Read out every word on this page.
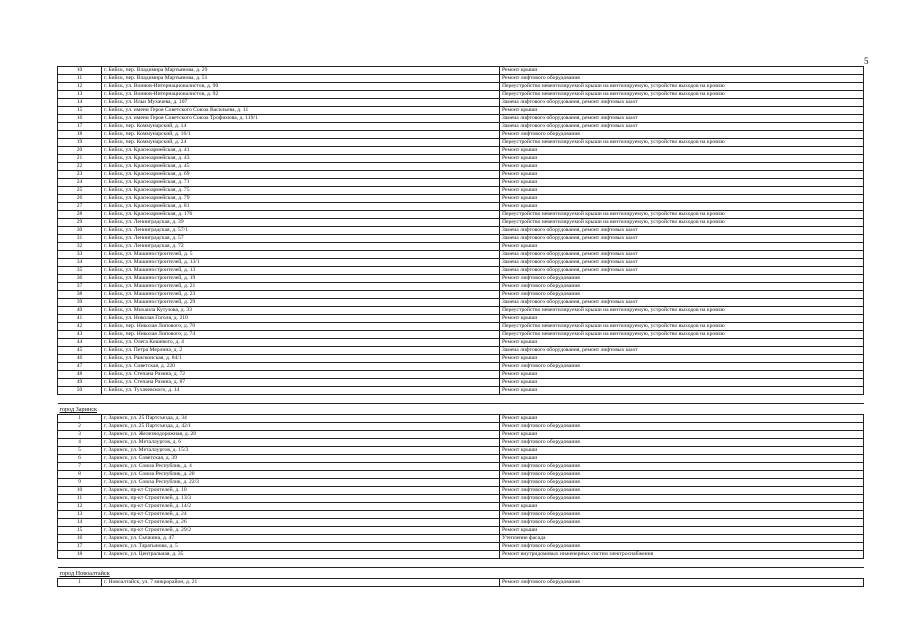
5
10	г. Бийск, пер. Владимира Мартьянова, д. 29	Ремонт крыши
11	г. Бийск, пер. Владимира Мартьянова, д. 51	Ремонт лифтового оборудования
12	г. Бийск, ул. Воинов-Интернационалистов, д. 90	Переустройство невентилируемой крыши на вентилируемую, устройство выходов на кровлю
13	г. Бийск, ул. Воинов-Интернационалистов, д. 92	Переустройство невентилируемой крыши на вентилируемую, устройство выходов на кровлю
14	г. Бийск, ул. Ильи Мухачева, д. 107	Замена лифтового оборудования, ремонт лифтовых шахт
15	г. Бийск, ул. имени Героя Советского Союза Васильева, д. 11	Ремонт крыши
16	г. Бийск, ул. имени Героя Советского Союза Трофимова, д. 119/1	Замена лифтового оборудования, ремонт лифтовых шахт
17	г. Бийск, пер. Коммунарский, д. 14	Замена лифтового оборудования, ремонт лифтовых шахт
18	г. Бийск, пер. Коммунарский, д. 16/1	Ремонт лифтового оборудования
19	г. Бийск, пер. Коммунарский, д. 24	Переустройство невентилируемой крыши на вентилируемую, устройство выходов на кровлю
20	г. Бийск, ул. Красноармейская, д. 41	Ремонт крыши
21	г. Бийск, ул. Красноармейская, д. 43	Ремонт крыши
22	г. Бийск, ул. Красноармейская, д. 45	Ремонт крыши
23	г. Бийск, ул. Красноармейская, д. 69	Ремонт крыши
24	г. Бийск, ул. Красноармейская, д. 71	Ремонт крыши
25	г. Бийск, ул. Красноармейская, д. 75	Ремонт крыши
26	г. Бийск, ул. Красноармейская, д. 79	Ремонт крыши
27	г. Бийск, ул. Красноармейская, д. 81	Ремонт крыши
28	г. Бийск, ул. Красноармейская, д. 176	Переустройство невентилируемой крыши на вентилируемую, устройство выходов на кровлю
29	г. Бийск, ул. Ленинградская, д. 39	Переустройство невентилируемой крыши на вентилируемую, устройство выходов на кровлю
30	г. Бийск, ул. Ленинградская, д. 57/1	Замена лифтового оборудования, ремонт лифтовых шахт
31	г. Бийск, ул. Ленинградская, д. 57	Замена лифтового оборудования, ремонт лифтовых шахт
32	г. Бийск, ул. Ленинградская, д. 72	Ремонт крыши
33	г. Бийск, ул. Машиностроителей, д. 5	Замена лифтового оборудования, ремонт лифтовых шахт
34	г. Бийск, ул. Машиностроителей, д. 13/1	Замена лифтового оборудования, ремонт лифтовых шахт
35	г. Бийск, ул. Машиностроителей, д. 13	Замена лифтового оборудования, ремонт лифтовых шахт
36	г. Бийск, ул. Машиностроителей, д. 19	Ремонт лифтового оборудования
37	г. Бийск, ул. Машиностроителей, д. 21	Ремонт лифтового оборудования
38	г. Бийск, ул. Машиностроителей, д. 23	Ремонт лифтового оборудования
39	г. Бийск, ул. Машиностроителей, д. 29	Замена лифтового оборудования, ремонт лифтовых шахт
40	г. Бийск, ул. Михаила Кутузова, д. 33	Переустройство невентилируемой крыши на вентилируемую, устройство выходов на кровлю
41	г. Бийск, ул. Николая Гоголя, д. 210	Ремонт крыши
42	г. Бийск, пер. Николая Липового, д. 70	Переустройство невентилируемой крыши на вентилируемую, устройство выходов на кровлю
43	г. Бийск, пер. Николая Липового, д. 74	Переустройство невентилируемой крыши на вентилируемую, устройство выходов на кровлю
44	г. Бийск, ул. Олега Кошевого, д. 4	Ремонт крыши
45	г. Бийск, ул. Петра Мерлина, д. 2	Замена лифтового оборудования, ремонт лифтовых шахт
46	г. Бийск, ул. Раисконская, д. 84/1	Ремонт крыши
47	г. Бийск, ул. Советская, д. 220	Ремонт лифтового оборудования
48	г. Бийск, ул. Степана Разина, д. 72	Ремонт крыши
49	г. Бийск, ул. Степана Разина, д. 87	Ремонт крыши
50	г. Бийск, ул. Тухачевского, д. 14	Ремонт крыши

город Заринск		
1	г. Заринск, ул. 25 Партсъезда, д. 34	Ремонт крыши
2	г. Заринск, ул. 25 Партсъезда, д. 42/1	Ремонт лифтового оборудования
3	г. Заринск, ул. Железнодорожная, д. 28	Ремонт крыши
4	г. Заринск, ул. Металлургов, д. 6	Ремонт лифтового оборудования
5	г. Заринск, ул. Металлургов, д. 15/3	Ремонт крыши
6	г. Заринск, ул. Советская, д. 39	Ремонт крыши
7	г. Заринск, ул. Союза Республик, д. 4	Ремонт лифтового оборудования
8	г. Заринск, ул. Союза Республик, д. 20	Ремонт лифтового оборудования
9	г. Заринск, ул. Союза Республик, д. 22/3	Ремонт лифтового оборудования
10	г. Заринск, пр-кт Строителей, д. 10	Ремонт лифтового оборудования
11	г. Заринск, пр-кт Строителей, д. 13/3	Ремонт лифтового оборудования
12	г. Заринск, пр-кт Строителей, д. 14/2	Ремонт крыши
13	г. Заринск, пр-кт Строителей, д. 24	Ремонт лифтового оборудования
14	г. Заринск, пр-кт Строителей, д. 26	Ремонт лифтового оборудования
15	г. Заринск, пр-кт Строителей, д. 29/2	Ремонт крыши
16	г. Заринск, ул. Сычкина, д. 47	Утепление фасада
17	г. Заринск, ул. Таратынова, д. 5	Ремонт лифтового оборудования
18	г. Заринск, ул. Центральная, д. 35	Ремонт внутридомовых инженерных систем электроснабжения

город Новоалтайск		
1	г. Новоалтайск, ул. 7 микрорайон, д. 21	Ремонт лифтового оборудования
